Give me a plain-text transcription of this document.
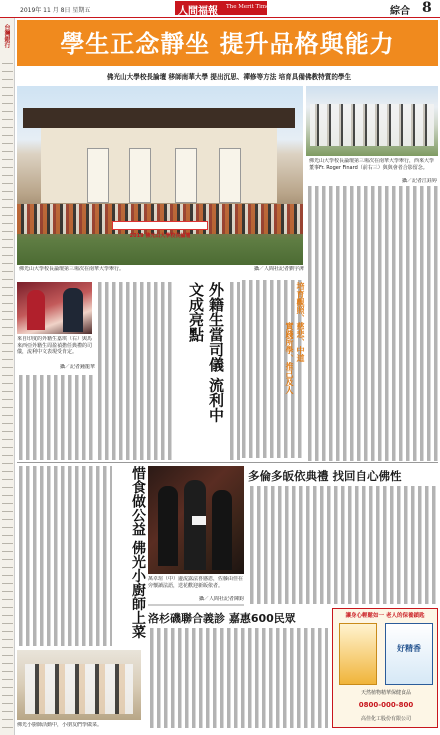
2019年 11 月 8日 星期五	人間福報 The Merit Times	綜合 8
台灣銀行	學生正念靜坐 提升品格與能力
佛光山大學校長論壇 移師南華大學 提出沉思、禪修等方法 培育具備佛教特質的學生
2019 佛光山大學校長論壇
佛光山大學校長論壇第三場次在南華大學舉行。	攝／人間社記者劉宇湃
佛光山大學校長論壇第三場次在南華大學舉行，西來大學董事Fr. Roger Finard（前右三）與與會者合影留念。
攝／記者江鈺婷
培育觀照、慈悲、中道
實踐所學、推己及人
來自印度的外籍生嘉琪（右）與馬來西亞外籍生周盈禎擔任典禮的司儀，流利中文表現受肯定。
攝／記者鍾龍華	外籍生當司儀 流利中文成亮點
惜食做公益 佛光小廚師上菜
佛光小廚師活動中，小朋友們學做菜。
萬卓瑄（中）邊流露法喜感恩，佐藤由佳在旁懷讀法語，送花歡迎新皈依者。
攝／人間社記者陳鈞
多倫多皈依典禮 找回自心佛性
洛杉磯聯合義診 嘉惠600民眾	讓身心輕鬆如一 老人的保養鎖匙
好精香
天然植物精華保健食品
0800-000-800
高佳化工股份有限公司
